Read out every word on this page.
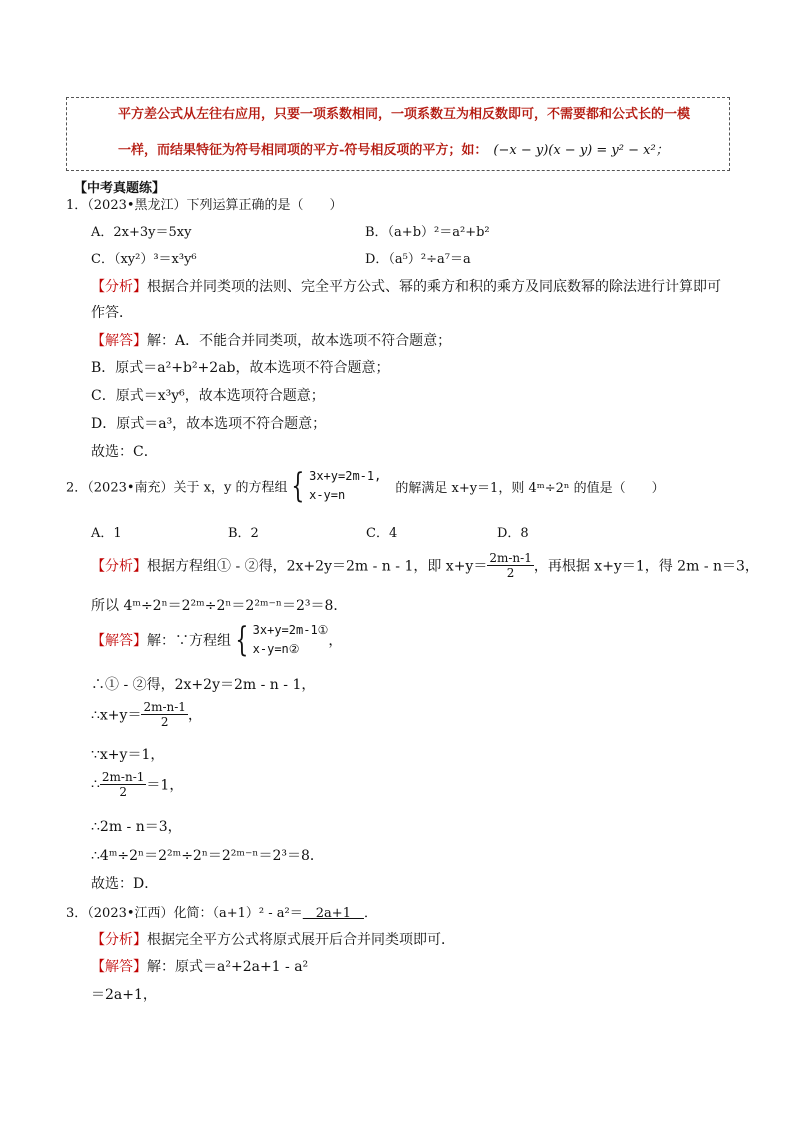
平方差公式从左往右应用，只要一项系数相同，一项系数互为相反数即可，不需要都和公式长的一模
一样，而结果特征为符号相同项的平方-符号相反项的平方；如： (−x − y)(x − y) = y² − x²；
【中考真题练】
1．（2023•黑龙江）下列运算正确的是（　　）
A．2x+3y＝5xy	B．（a+b）²＝a²+b²
C．（xy²）³＝x³y⁶	D．（a⁵）²÷a⁷＝a
【分析】根据合并同类项的法则、完全平方公式、幂的乘方和积的乘方及同底数幂的除法进行计算即可
作答．
【解答】解：A．不能合并同类项，故本选项不符合题意；
B．原式＝a²+b²+2ab，故本选项不符合题意；
C．原式＝x³y⁶，故本选项符合题意；
D．原式＝a³，故本选项不符合题意；
故选：C．
2．（2023•南充）关于 x，y 的方程组 { 3x+y=2m-1,
x-y=n	的解满足 x+y＝1，则 4ᵐ÷2ⁿ 的值是（　　）
A．1	B．2	C．4	D．8
【分析】根据方程组① - ②得，2x+2y＝2m - n - 1，即 $x+y= \frac{2m-n-1}{2}$ ，再根据 x+y＝1，得 2m - n＝3，
所以 4ᵐ÷2ⁿ＝2²ᵐ÷2ⁿ＝2²ᵐ⁻ⁿ＝2³＝8．
【解答】解：∵方程组 { 3x+y=2m-1①
x-y=n②	，
∴① - ②得，2x+2y＝2m - n - 1，
∴x+y＝ $\frac{2m-n-1}{2}$ ，
∵x+y＝1，
∴ $\frac{2m-n-1}{2} =1$，
∴2m - n＝3，
∴4ᵐ÷2ⁿ＝2²ᵐ÷2ⁿ＝2²ᵐ⁻ⁿ＝2³＝8．
故选：D．
3．（2023•江西）化简：（a+1）² - a²＝　2a+1　．
【分析】根据完全平方公式将原式展开后合并同类项即可．
【解答】解：原式＝a²+2a+1 - a²
＝2a+1，
